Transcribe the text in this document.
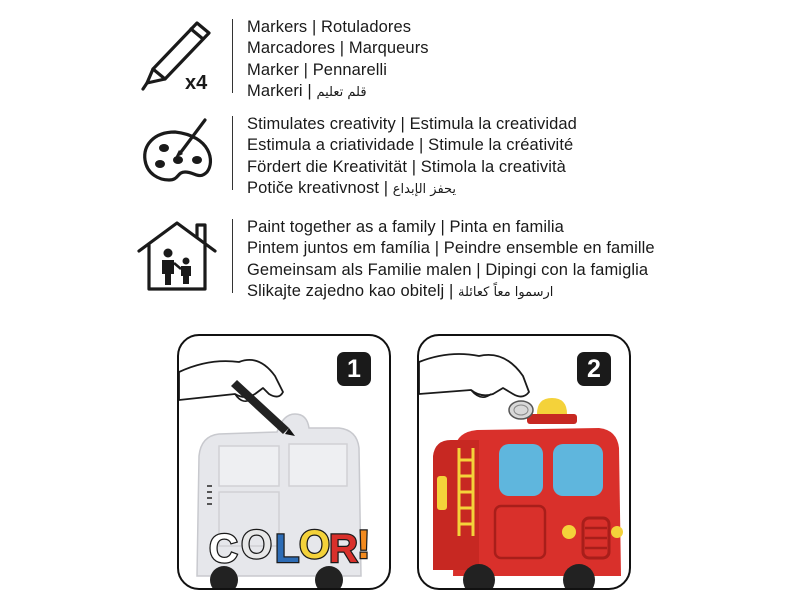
x4
Markers | Rotuladores
Marcadores | Marqueurs
Marker | Pennarelli
Markeri | قلم تعليم
Stimulates creativity | Estimula la creatividad
Estimula a criatividade | Stimule la créativité
Fördert die Kreativität | Stimola la creatività
Potiče kreativnost | يحفز الإبداع
Paint together as a family | Pinta en familia
Pintem juntos em família | Peindre ensemble en famille
Gemeinsam als Familie malen | Dipingi con la famiglia
Slikajte zajedno kao obitelj | ارسموا معاً كعائلة
C O L O
R !
1	2
